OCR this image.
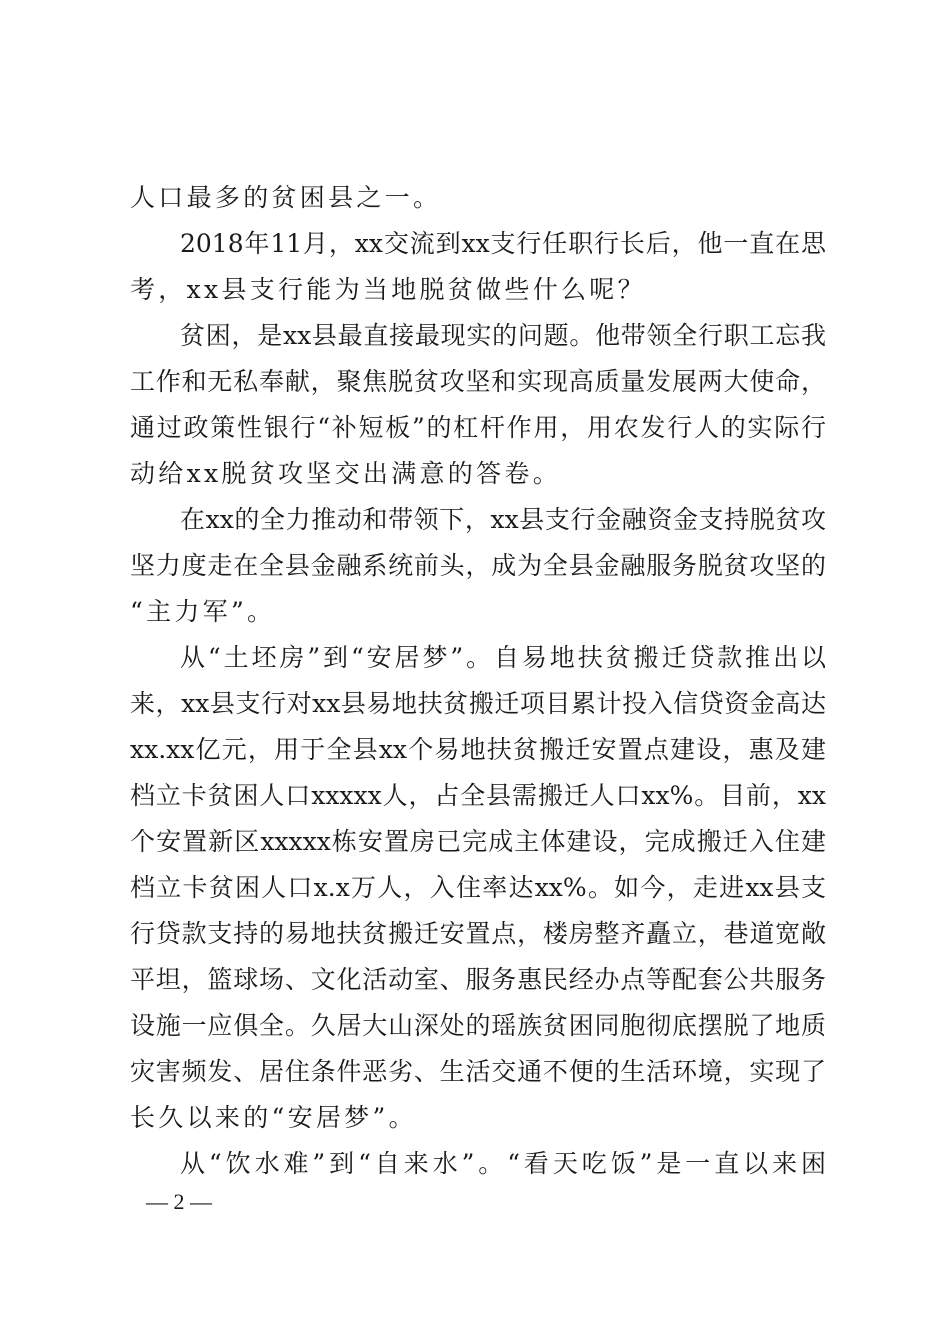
人口最多的贫困县之一。
2018年11月，xx交流到xx支行任职行长后，他一直在思
考，xx县支行能为当地脱贫做些什么呢？
贫困，是xx县最直接最现实的问题。他带领全行职工忘我
工作和无私奉献，聚焦脱贫攻坚和实现高质量发展两大使命，
通过政策性银行“补短板”的杠杆作用，用农发行人的实际行
动给xx脱贫攻坚交出满意的答卷。
在xx的全力推动和带领下，xx县支行金融资金支持脱贫攻
坚力度走在全县金融系统前头，成为全县金融服务脱贫攻坚的
“主力军”。
从“土坯房”到“安居梦”。自易地扶贫搬迁贷款推出以
来，xx县支行对xx县易地扶贫搬迁项目累计投入信贷资金高达
xx.xx亿元，用于全县xx个易地扶贫搬迁安置点建设，惠及建
档立卡贫困人口xxxxx人，占全县需搬迁人口xx%。目前，xx
个安置新区xxxxx栋安置房已完成主体建设，完成搬迁入住建
档立卡贫困人口x.x万人，入住率达xx%。如今，走进xx县支
行贷款支持的易地扶贫搬迁安置点，楼房整齐矗立，巷道宽敞
平坦，篮球场、文化活动室、服务惠民经办点等配套公共服务
设施一应俱全。久居大山深处的瑶族贫困同胞彻底摆脱了地质
灾害频发、居住条件恶劣、生活交通不便的生活环境，实现了
长久以来的“安居梦”。
从“饮水难”到“自来水”。“看天吃饭”是一直以来困
— 2 —
